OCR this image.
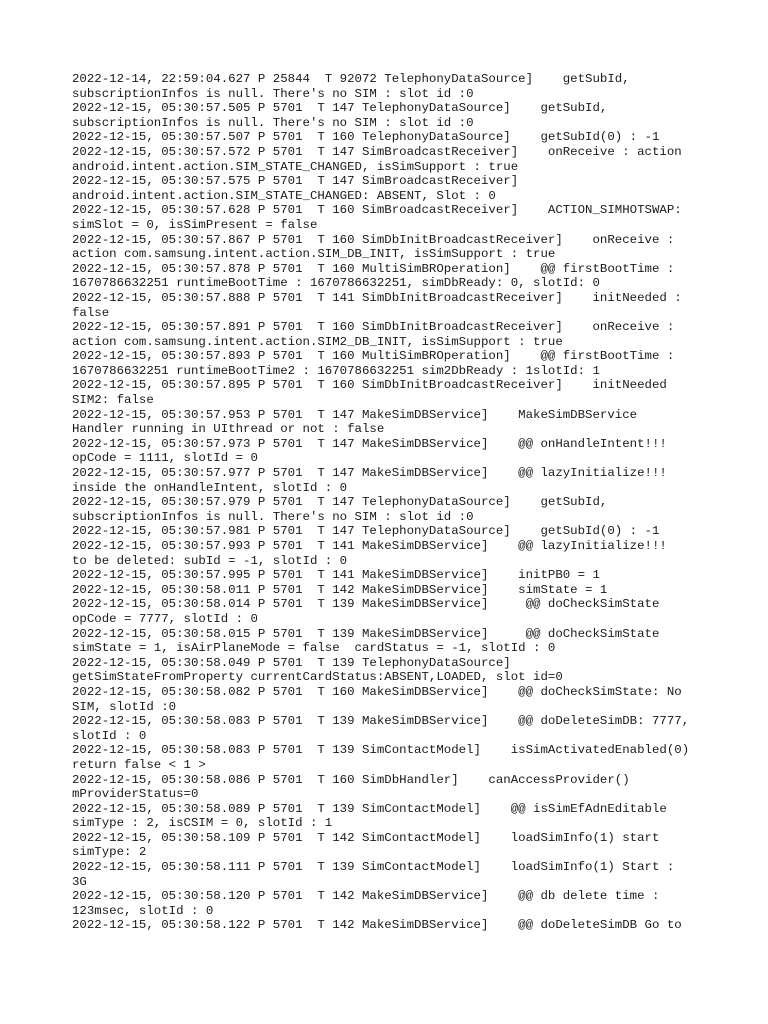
2022-12-14, 22:59:04.627 P 25844  T 92072 TelephonyDataSource]    getSubId,
subscriptionInfos is null. There's no SIM : slot id :0
2022-12-15, 05:30:57.505 P 5701  T 147 TelephonyDataSource]    getSubId,
subscriptionInfos is null. There's no SIM : slot id :0
2022-12-15, 05:30:57.507 P 5701  T 160 TelephonyDataSource]    getSubId(0) : -1
2022-12-15, 05:30:57.572 P 5701  T 147 SimBroadcastReceiver]    onReceive : action
android.intent.action.SIM_STATE_CHANGED, isSimSupport : true
2022-12-15, 05:30:57.575 P 5701  T 147 SimBroadcastReceiver]
android.intent.action.SIM_STATE_CHANGED: ABSENT, Slot : 0
2022-12-15, 05:30:57.628 P 5701  T 160 SimBroadcastReceiver]    ACTION_SIMHOTSWAP:
simSlot = 0, isSimPresent = false
2022-12-15, 05:30:57.867 P 5701  T 160 SimDbInitBroadcastReceiver]    onReceive :
action com.samsung.intent.action.SIM_DB_INIT, isSimSupport : true
2022-12-15, 05:30:57.878 P 5701  T 160 MultiSimBROperation]    @@ firstBootTime :
1670786632251 runtimeBootTime : 1670786632251, simDbReady: 0, slotId: 0
2022-12-15, 05:30:57.888 P 5701  T 141 SimDbInitBroadcastReceiver]    initNeeded :
false
2022-12-15, 05:30:57.891 P 5701  T 160 SimDbInitBroadcastReceiver]    onReceive :
action com.samsung.intent.action.SIM2_DB_INIT, isSimSupport : true
2022-12-15, 05:30:57.893 P 5701  T 160 MultiSimBROperation]    @@ firstBootTime :
1670786632251 runtimeBootTime2 : 1670786632251 sim2DbReady : 1slotId: 1
2022-12-15, 05:30:57.895 P 5701  T 160 SimDbInitBroadcastReceiver]    initNeeded
SIM2: false
2022-12-15, 05:30:57.953 P 5701  T 147 MakeSimDBService]    MakeSimDBService
Handler running in UIthread or not : false
2022-12-15, 05:30:57.973 P 5701  T 147 MakeSimDBService]    @@ onHandleIntent!!!
opCode = 1111, slotId = 0
2022-12-15, 05:30:57.977 P 5701  T 147 MakeSimDBService]    @@ lazyInitialize!!!
inside the onHandleIntent, slotId : 0
2022-12-15, 05:30:57.979 P 5701  T 147 TelephonyDataSource]    getSubId,
subscriptionInfos is null. There's no SIM : slot id :0
2022-12-15, 05:30:57.981 P 5701  T 147 TelephonyDataSource]    getSubId(0) : -1
2022-12-15, 05:30:57.993 P 5701  T 141 MakeSimDBService]    @@ lazyInitialize!!!
to be deleted: subId = -1, slotId : 0
2022-12-15, 05:30:57.995 P 5701  T 141 MakeSimDBService]    initPB0 = 1
2022-12-15, 05:30:58.011 P 5701  T 142 MakeSimDBService]    simState = 1
2022-12-15, 05:30:58.014 P 5701  T 139 MakeSimDBService]     @@ doCheckSimState
opCode = 7777, slotId : 0
2022-12-15, 05:30:58.015 P 5701  T 139 MakeSimDBService]     @@ doCheckSimState
simState = 1, isAirPlaneMode = false  cardStatus = -1, slotId : 0
2022-12-15, 05:30:58.049 P 5701  T 139 TelephonyDataSource]
getSimStateFromProperty currentCardStatus:ABSENT,LOADED, slot id=0
2022-12-15, 05:30:58.082 P 5701  T 160 MakeSimDBService]    @@ doCheckSimState: No
SIM, slotId :0
2022-12-15, 05:30:58.083 P 5701  T 139 MakeSimDBService]    @@ doDeleteSimDB: 7777,
slotId : 0
2022-12-15, 05:30:58.083 P 5701  T 139 SimContactModel]    isSimActivatedEnabled(0)
return false < 1 >
2022-12-15, 05:30:58.086 P 5701  T 160 SimDbHandler]    canAccessProvider()
mProviderStatus=0
2022-12-15, 05:30:58.089 P 5701  T 139 SimContactModel]    @@ isSimEfAdnEditable
simType : 2, isCSIM = 0, slotId : 1
2022-12-15, 05:30:58.109 P 5701  T 142 SimContactModel]    loadSimInfo(1) start
simType: 2
2022-12-15, 05:30:58.111 P 5701  T 139 SimContactModel]    loadSimInfo(1) Start :
3G
2022-12-15, 05:30:58.120 P 5701  T 142 MakeSimDBService]    @@ db delete time :
123msec, slotId : 0
2022-12-15, 05:30:58.122 P 5701  T 142 MakeSimDBService]    @@ doDeleteSimDB Go to
